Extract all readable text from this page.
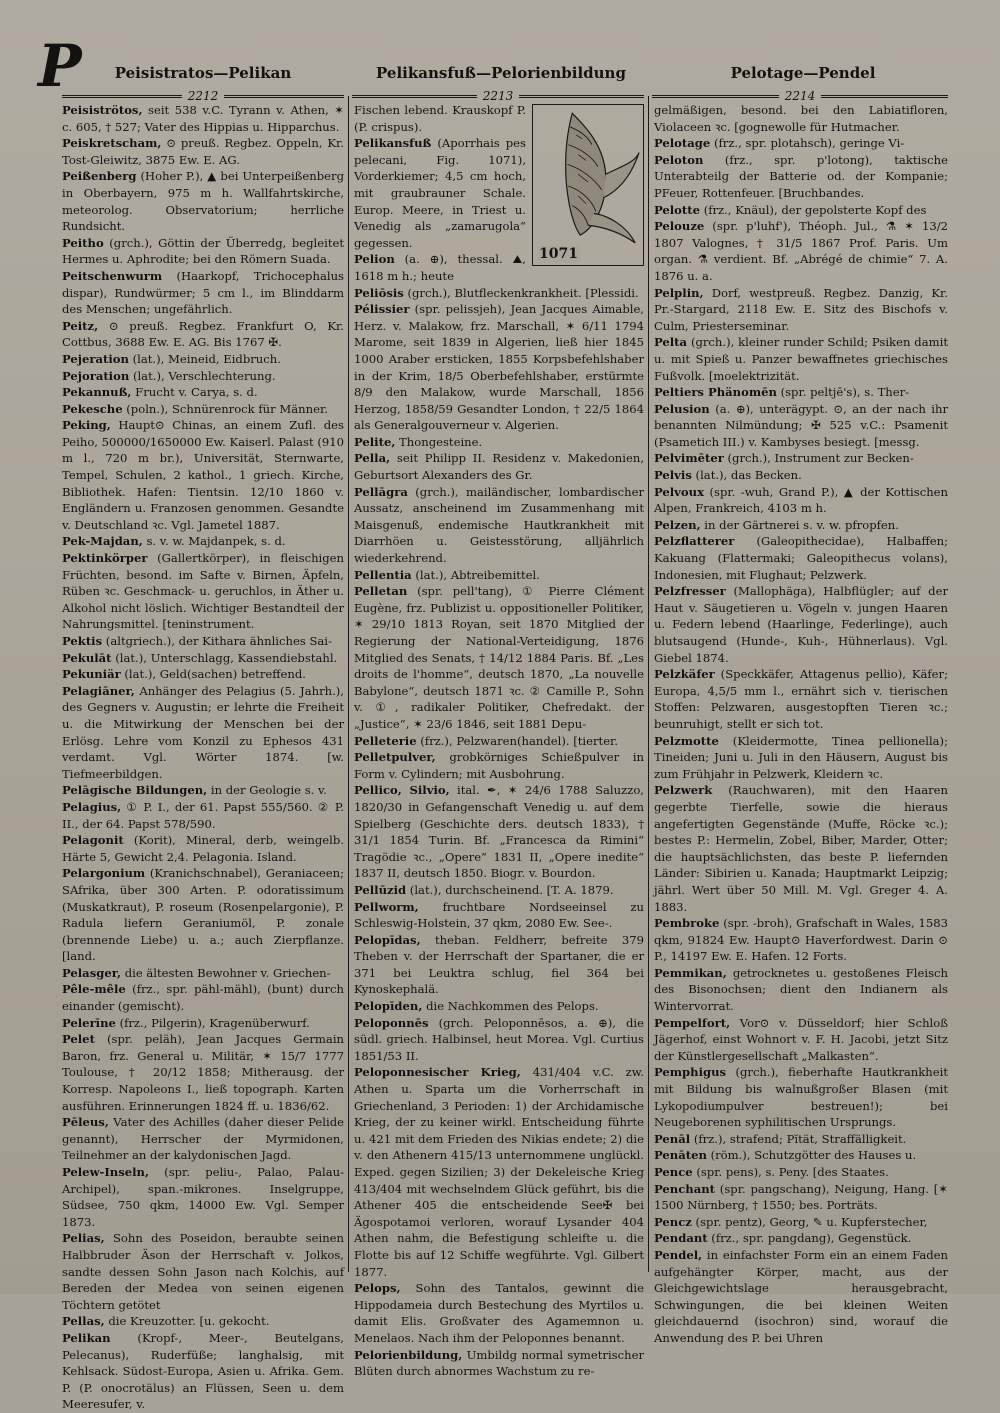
P	Peisistratos—Pelikan	Pelikansfuß—Pelorienbildung	Pelotage—Pendel
2212	2213	2214

Peisiströtos, seit 538 v.C. Tyrann v. Athen, ✶ c. 605, † 527; Vater des Hippias u. Hipparchus.

Peiskretscham, ⊙ preuß. Regbez. Oppeln, Kr. Tost-Gleiwitz, 3875 Ew. E. AG.

Peißenberg (Hoher P.), ▲ bei Unterpeißenberg in Oberbayern, 975 m h. Wallfahrtskirche, meteorolog. Observatorium; herrliche Rundsicht.

Peitho (grch.), Göttin der Überredg, begleitet Hermes u. Aphrodite; bei den Römern Suada.

Peitschenwurm (Haarkopf, Trichocephalus dispar), Rundwürmer; 5 cm l., im Blinddarm des Menschen; ungefährlich.

Peitz, ⊙ preuß. Regbez. Frankfurt O, Kr. Cottbus, 3688 Ew. E. AG. Bis 1767 ✠.

Pejeration (lat.), Meineid, Eidbruch.

Pejoration (lat.), Verschlechterung.

Pekannuß, Frucht v. Carya, s. d.

Pekesche (poln.), Schnürenrock für Männer.

Peking, Haupt⊙ Chinas, an einem Zufl. des Peiho, 500000/1650000 Ew. Kaiserl. Palast (910 m l., 720 m br.), Universität, Sternwarte, Tempel, Schulen, 2 kathol., 1 griech. Kirche, Bibliothek. Hafen: Tientsin. 12/10 1860 v. Engländern u. Franzosen genommen. Gesandte v. Deutschland ꝛc. Vgl. Jametel 1887.

Pek-Majdan, s. v. w. Majdanpek, s. d.

Pektinkörper (Gallertkörper), in fleischigen Früchten, besond. im Safte v. Birnen, Äpfeln, Rüben ꝛc. Geschmack- u. geruchlos, in Äther u. Alkohol nicht löslich. Wichtiger Bestandteil der Nahrungsmittel. [teninstrument.

Pektis (altgriech.), der Kithara ähnliches Sai-

Pekulāt (lat.), Unterschlagg, Kassendiebstahl.

Pekuniär (lat.), Geld(sachen) betreffend.

Pelagiāner, Anhänger des Pelagius (5. Jahrh.), des Gegners v. Augustin; er lehrte die Freiheit u. die Mitwirkung der Menschen bei der Erlösg. Lehre vom Konzil zu Ephesos 431 verdamt. Vgl. Wörter 1874. [w. Tiefmeerbildgen.

Pelāgische Bildungen, in der Geologie s. v.

Pelagius, ① P. I., der 61. Papst 555/560. ② P. II., der 64. Papst 578/590.

Pelagonit (Korit), Mineral, derb, weingelb. Härte 5, Gewicht 2,4. Pelagonia. Island.

Pelargonium (Kranichschnabel), Geraniaceen; SAfrika, über 300 Arten. P. odoratissimum (Muskatkraut), P. roseum (Rosenpelargonie), P. Radula liefern Geraniumöl, P. zonale (brennende Liebe) u. a.; auch Zierpflanze. [land.

Pelasger, die ältesten Bewohner v. Griechen-

Pêle-mêle (frz., spr. pähl-mähl), (bunt) durch einander (gemischt).

Pelerīne (frz., Pilgerin), Kragenüberwurf.

Pelet (spr. peläh), Jean Jacques Germain Baron, frz. General u. Militär, ✶ 15/7 1777 Toulouse, † 20/12 1858; Mitherausg. der Korresp. Napoleons I., ließ topograph. Karten ausführen. Erinnerungen 1824 ff. u. 1836/62.

Pēleus, Vater des Achilles (daher dieser Pelide genannt), Herrscher der Myrmidonen, Teilnehmer an der kalydonischen Jagd.

Pelew-Inseln, (spr. peliu-, Palao, Palau-Archipel), span.-mikrones. Inselgruppe, Südsee, 750 qkm, 14000 Ew. Vgl. Semper 1873.

Pelias, Sohn des Poseidon, beraubte seinen Halbbruder Äson der Herrschaft v. Jolkos, sandte dessen Sohn Jason nach Kolchis, auf Bereden der Medea von seinen eigenen Töchtern getötet

Pellas, die Kreuzotter. [u. gekocht.

Pelikan (Kropf-, Meer-, Beutelgans, Pelecanus), Ruderfüße; langhalsig, mit Kehlsack. Südost-Europa, Asien u. Afrika. Gem. P. (P. onocrotälus) an Flüssen, Seen u. dem Meeresufer, v.

1071

Fischen lebend. Krauskopf P. (P. crispus).

Pelikansfuß (Aporrhais pes pelecani, Fig. 1071), Vorderkiemer; 4,5 cm hoch, mit graubrauner Schale. Europ. Meere, in Triest u. Venedig als „zamarugola“ gegessen.

Pelion (a. ⊕), thessal. ⛰, 1618 m h.; heute

Peliōsis (grch.), Blutfleckenkrankheit. [Plessidi.

Pélissier (spr. pelissjeh), Jean Jacques Aimable, Herz. v. Malakow, frz. Marschall, ✶ 6/11 1794 Marome, seit 1839 in Algerien, ließ hier 1845 1000 Araber ersticken, 1855 Korpsbefehlshaber in der Krim, 18/5 Oberbefehlshaber, erstürmte 8/9 den Malakow, wurde Marschall, 1856 Herzog, 1858/59 Gesandter London, † 22/5 1864 als Generalgouverneur v. Algerien.

Pelite, Thongesteine.

Pella, seit Philipp II. Residenz v. Makedonien, Geburtsort Alexanders des Gr.

Pellāgra (grch.), mailändischer, lombardischer Aussatz, anscheinend im Zusammenhang mit Maisgenuß, endemische Hautkrankheit mit Diarrhöen u. Geistesstörung, alljährlich wiederkehrend.

Pellentia (lat.), Abtreibemittel.

Pelletan (spr. pell'tang), ① Pierre Clément Eugène, frz. Publizist u. oppositioneller Politiker, ✶ 29/10 1813 Royan, seit 1870 Mitglied der Regierung der National-Verteidigung, 1876 Mitglied des Senats, † 14/12 1884 Paris. Bf. „Les droits de l'homme“, deutsch 1870, „La nouvelle Babylone“, deutsch 1871 ꝛc. ② Camille P., Sohn v. ①, radikaler Politiker, Chefredakt. der „Justice“, ✶ 23/6 1846, seit 1881 Depu-

Pelleterie (frz.), Pelzwaren(handel). [tierter.

Pelletpulver, grobkörniges Schießpulver in Form v. Cylindern; mit Ausbohrung.

Pellico, Silvio, ital. ✒, ✶ 24/6 1788 Saluzzo, 1820/30 in Gefangenschaft Venedig u. auf dem Spielberg (Geschichte ders. deutsch 1833), † 31/1 1854 Turin. Bf. „Francesca da Rimini“ Tragödie ꝛc., „Opere“ 1831 II, „Opere inedite“ 1837 II, deutsch 1850. Biogr. v. Bourdon.

Pellūzid (lat.), durchscheinend. [T. A. 1879.

Pellworm, fruchtbare Nordseeinsel zu Schleswig-Holstein, 37 qkm, 2080 Ew. See-.

Pelopīdas, theban. Feldherr, befreite 379 Theben v. der Herrschaft der Spartaner, die er 371 bei Leuktra schlug, fiel 364 bei Kynoskephalä.

Pelopīden, die Nachkommen des Pelops.

Peloponnēs (grch. Peloponnēsos, a. ⊕), die südl. griech. Halbinsel, heut Morea. Vgl. Curtius 1851/53 II.

Peloponnesischer Krieg, 431/404 v.C. zw. Athen u. Sparta um die Vorherrschaft in Griechenland, 3 Perioden: 1) der Archidamische Krieg, der zu keiner wirkl. Entscheidung führte u. 421 mit dem Frieden des Nikias endete; 2) die v. den Athenern 415/13 unternommene unglückl. Exped. gegen Sizilien; 3) der Dekeleische Krieg 413/404 mit wechselndem Glück geführt, bis die Athener 405 die entscheidende See✠ bei Ägospotamoi verloren, worauf Lysander 404 Athen nahm, die Befestigung schleifte u. die Flotte bis auf 12 Schiffe wegführte. Vgl. Gilbert 1877.

Pelops, Sohn des Tantalos, gewinnt die Hippodameia durch Bestechung des Myrtilos u. damit Elis. Großvater des Agamemnon u. Menelaos. Nach ihm der Peloponnes benannt.

Pelorienbildung, Umbildg normal symetrischer Blüten durch abnormes Wachstum zu re-

gelmäßigen, besond. bei den Labiatifloren, Violaceen ꝛc. [gognewolle für Hutmacher.

Pelotage (frz., spr. plotahsch), geringe Vi-

Peloton (frz., spr. p'lotong), taktische Unterabteilg der Batterie od. der Kompanie; PFeuer, Rottenfeuer. [Bruchbandes.

Pelotte (frz., Knäul), der gepolsterte Kopf des

Pelouze (spr. p'luhf'), Théoph. Jul., ⚗ ✶ 13/2 1807 Valognes, † 31/5 1867 Prof. Paris. Um organ. ⚗ verdient. Bf. „Abrégé de chimie“ 7. A. 1876 u. a.

Pelplin, Dorf, westpreuß. Regbez. Danzig, Kr. Pr.-Stargard, 2118 Ew. E. Sitz des Bischofs v. Culm, Priesterseminar.

Pelta (grch.), kleiner runder Schild; Psiken damit u. mit Spieß u. Panzer bewaffnetes griechisches Fußvolk. [moelektrizität.

Peltiers Phänomēn (spr. peltjē's), s. Ther-

Pelusion (a. ⊕), unterägypt. ⊙, an der nach ihr benannten Nilmündung; ✠ 525 v.C.: Psamenit (Psametich III.) v. Kambyses besiegt. [messg.

Pelvimēter (grch.), Instrument zur Becken-

Pelvis (lat.), das Becken.

Pelvoux (spr. -wuh, Grand P.), ▲ der Kottischen Alpen, Frankreich, 4103 m h.

Pelzen, in der Gärtnerei s. v. w. pfropfen.

Pelzflatterer (Galeopithecidae), Halbaffen; Kakuang (Flattermaki; Galeopithecus volans), Indonesien, mit Flughaut; Pelzwerk.

Pelzfresser (Mallophäga), Halbflügler; auf der Haut v. Säugetieren u. Vögeln v. jungen Haaren u. Federn lebend (Haarlinge, Federlinge), auch blutsaugend (Hunde-, Kuh-, Hühnerlaus). Vgl. Giebel 1874.

Pelzkäfer (Speckkäfer, Attagenus pellio), Käfer; Europa, 4,5/5 mm l., ernährt sich v. tierischen Stoffen: Pelzwaren, ausgestopften Tieren ꝛc.; beunruhigt, stellt er sich tot.

Pelzmotte (Kleidermotte, Tinea pellionella); Tineiden; Juni u. Juli in den Häusern, August bis zum Frühjahr in Pelzwerk, Kleidern ꝛc.

Pelzwerk (Rauchwaren), mit den Haaren gegerbte Tierfelle, sowie die hieraus angefertigten Gegenstände (Muffe, Röcke ꝛc.); bestes P.: Hermelin, Zobel, Biber, Marder, Otter; die hauptsächlichsten, das beste P. liefernden Länder: Sibirien u. Kanada; Hauptmarkt Leipzig; jährl. Wert über 50 Mill. M. Vgl. Greger 4. A. 1883.

Pembroke (spr. -broh), Grafschaft in Wales, 1583 qkm, 91824 Ew. Haupt⊙ Haverfordwest. Darin ⊙ P., 14197 Ew. E. Hafen. 12 Forts.

Pemmikan, getrocknetes u. gestoßenes Fleisch des Bisonochsen; dient den Indianern als Wintervorrat.

Pempelfort, Vor⊙ v. Düsseldorf; hier Schloß Jägerhof, einst Wohnort v. F. H. Jacobi, jetzt Sitz der Künstlergesellschaft „Malkasten“.

Pemphigus (grch.), fieberhafte Hautkrankheit mit Bildung bis walnußgroßer Blasen (mit Lykopodiumpulver bestreuen!); bei Neugeborenen syphilitischen Ursprungs.

Penāl (frz.), strafend; Pĭtät, Straffälligkeit.

Penāten (röm.), Schutzgötter des Hauses u.

Pence (spr. pens), s. Peny. [des Staates.

Penchant (spr. pangschang), Neigung, Hang. [✶ 1500 Nürnberg, † 1550; bes. Porträts.

Pencz (spr. pentz), Georg, ✎ u. Kupferstecher,

Pendant (frz., spr. pangdang), Gegenstück.

Pendel, in einfachster Form ein an einem Faden aufgehängter Körper, macht, aus der Gleichgewichtslage herausgebracht, Schwingungen, die bei kleinen Weiten gleichdauernd (isochron) sind, worauf die Anwendung des P. bei Uhren
